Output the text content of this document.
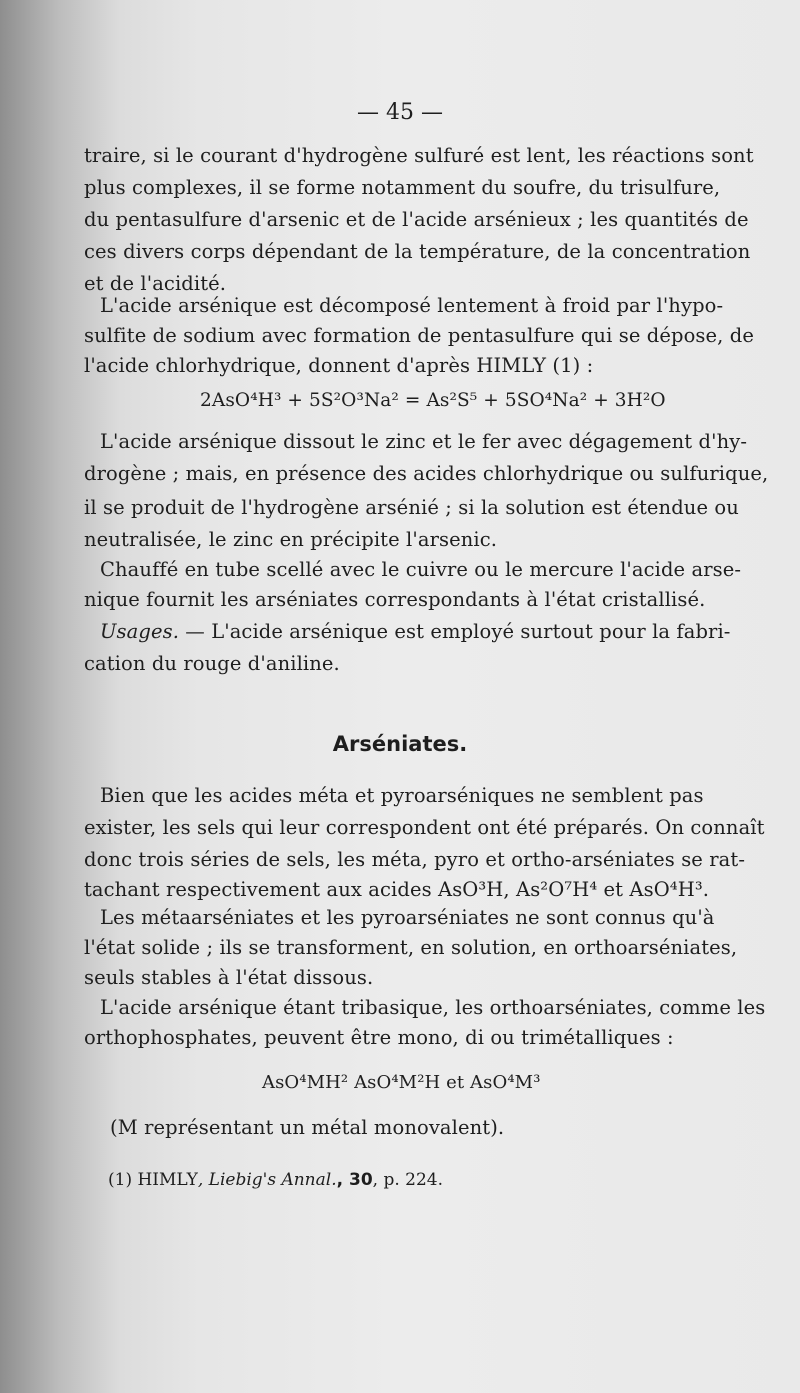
— 45 —
traire, si le courant d'hydrogène sulfuré est lent, les réactions sont
plus complexes, il se forme notamment du soufre, du trisulfure,
du pentasulfure d'arsenic et de l'acide arsénieux ; les quantités de
ces divers corps dépendant de la température, de la concentration
et de l'acidité.
L'acide arsénique est décomposé lentement à froid par l'hypo-
sulfite de sodium avec formation de pentasulfure qui se dépose, de
l'acide chlorhydrique, donnent d'après HIMLY (1) :
2AsO⁴H³ + 5S²O³Na² = As²S⁵ + 5SO⁴Na² + 3H²O
L'acide arsénique dissout le zinc et le fer avec dégagement d'hy-
drogène ; mais, en présence des acides chlorhydrique ou sulfurique,
il se produit de l'hydrogène arsénié ; si la solution est étendue ou
neutralisée, le zinc en précipite l'arsenic.
Chauffé en tube scellé avec le cuivre ou le mercure l'acide arse-
nique fournit les arséniates correspondants à l'état cristallisé.
Usages. — L'acide arsénique est employé surtout pour la fabri-
cation du rouge d'aniline.
Arséniates.
Bien que les acides méta et pyroarséniques ne semblent pas
exister, les sels qui leur correspondent ont été préparés. On connaît
donc trois séries de sels, les méta, pyro et ortho-arséniates se rat-
tachant respectivement aux acides AsO³H, As²O⁷H⁴ et AsO⁴H³.
Les métaarséniates et les pyroarséniates ne sont connus qu'à
l'état solide ; ils se transforment, en solution, en orthoarséniates,
seuls stables à l'état dissous.
L'acide arsénique étant tribasique, les orthoarséniates, comme les
orthophosphates, peuvent être mono, di ou trimétalliques :
AsO⁴MH² AsO⁴M²H et AsO⁴M³
(M représentant un métal monovalent).
(1) HIMLY, Liebig's Annal., 30, p. 224.
